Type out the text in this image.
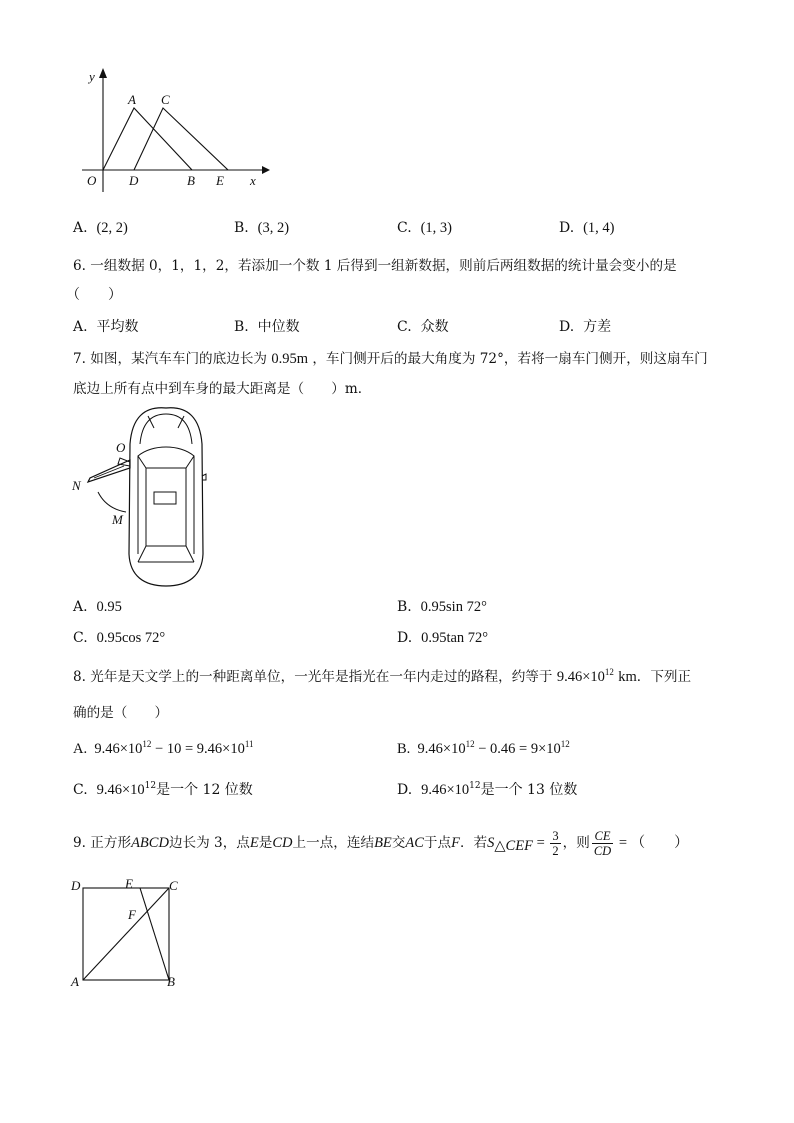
y
A C
O	D	B E x
A. (2, 2)	B. (3, 2)	C. (1, 3)	D. (1, 4)
6. 一组数据 0，1，1，2，若添加一个数 1 后得到一组新数据，则前后两组数据的统计量会变小的是
（　　）
A. 平均数	B. 中位数	C. 众数	D. 方差
7. 如图，某汽车车门的底边长为 0.95m ，车门侧开后的最大角度为 72°，若将一扇车门侧开，则这扇车门
底边上所有点中到车身的最大距离是（　　）m．
O
N
M
A. 0.95	B. 0.95sin 72°
C. 0.95cos 72°	D. 0.95tan 72°
8. 光年是天文学上的一种距离单位，一光年是指光在一年内走过的路程，约等于 $9.46\times 10^{12}$ km．下列正
确的是（　　）
A. $9.46\times 10^{12} - 10 = 9.46\times 10^{11}$	B. $9.46\times 10^{12} - 0.46 = 9\times 10^{12}$
C. $9.46\times 10^{12}$是一个 12 位数	D. $9.46\times 10^{12}$是一个 13 位数
9. 正方形ABCD边长为 3，点E是CD上一点，连结BE交AC于点F．若$S_{\triangle CEF} = \frac{3}{2}$ ，则 $\frac{CE}{CD}$ = （　　）
D	E	C
F
A	B
